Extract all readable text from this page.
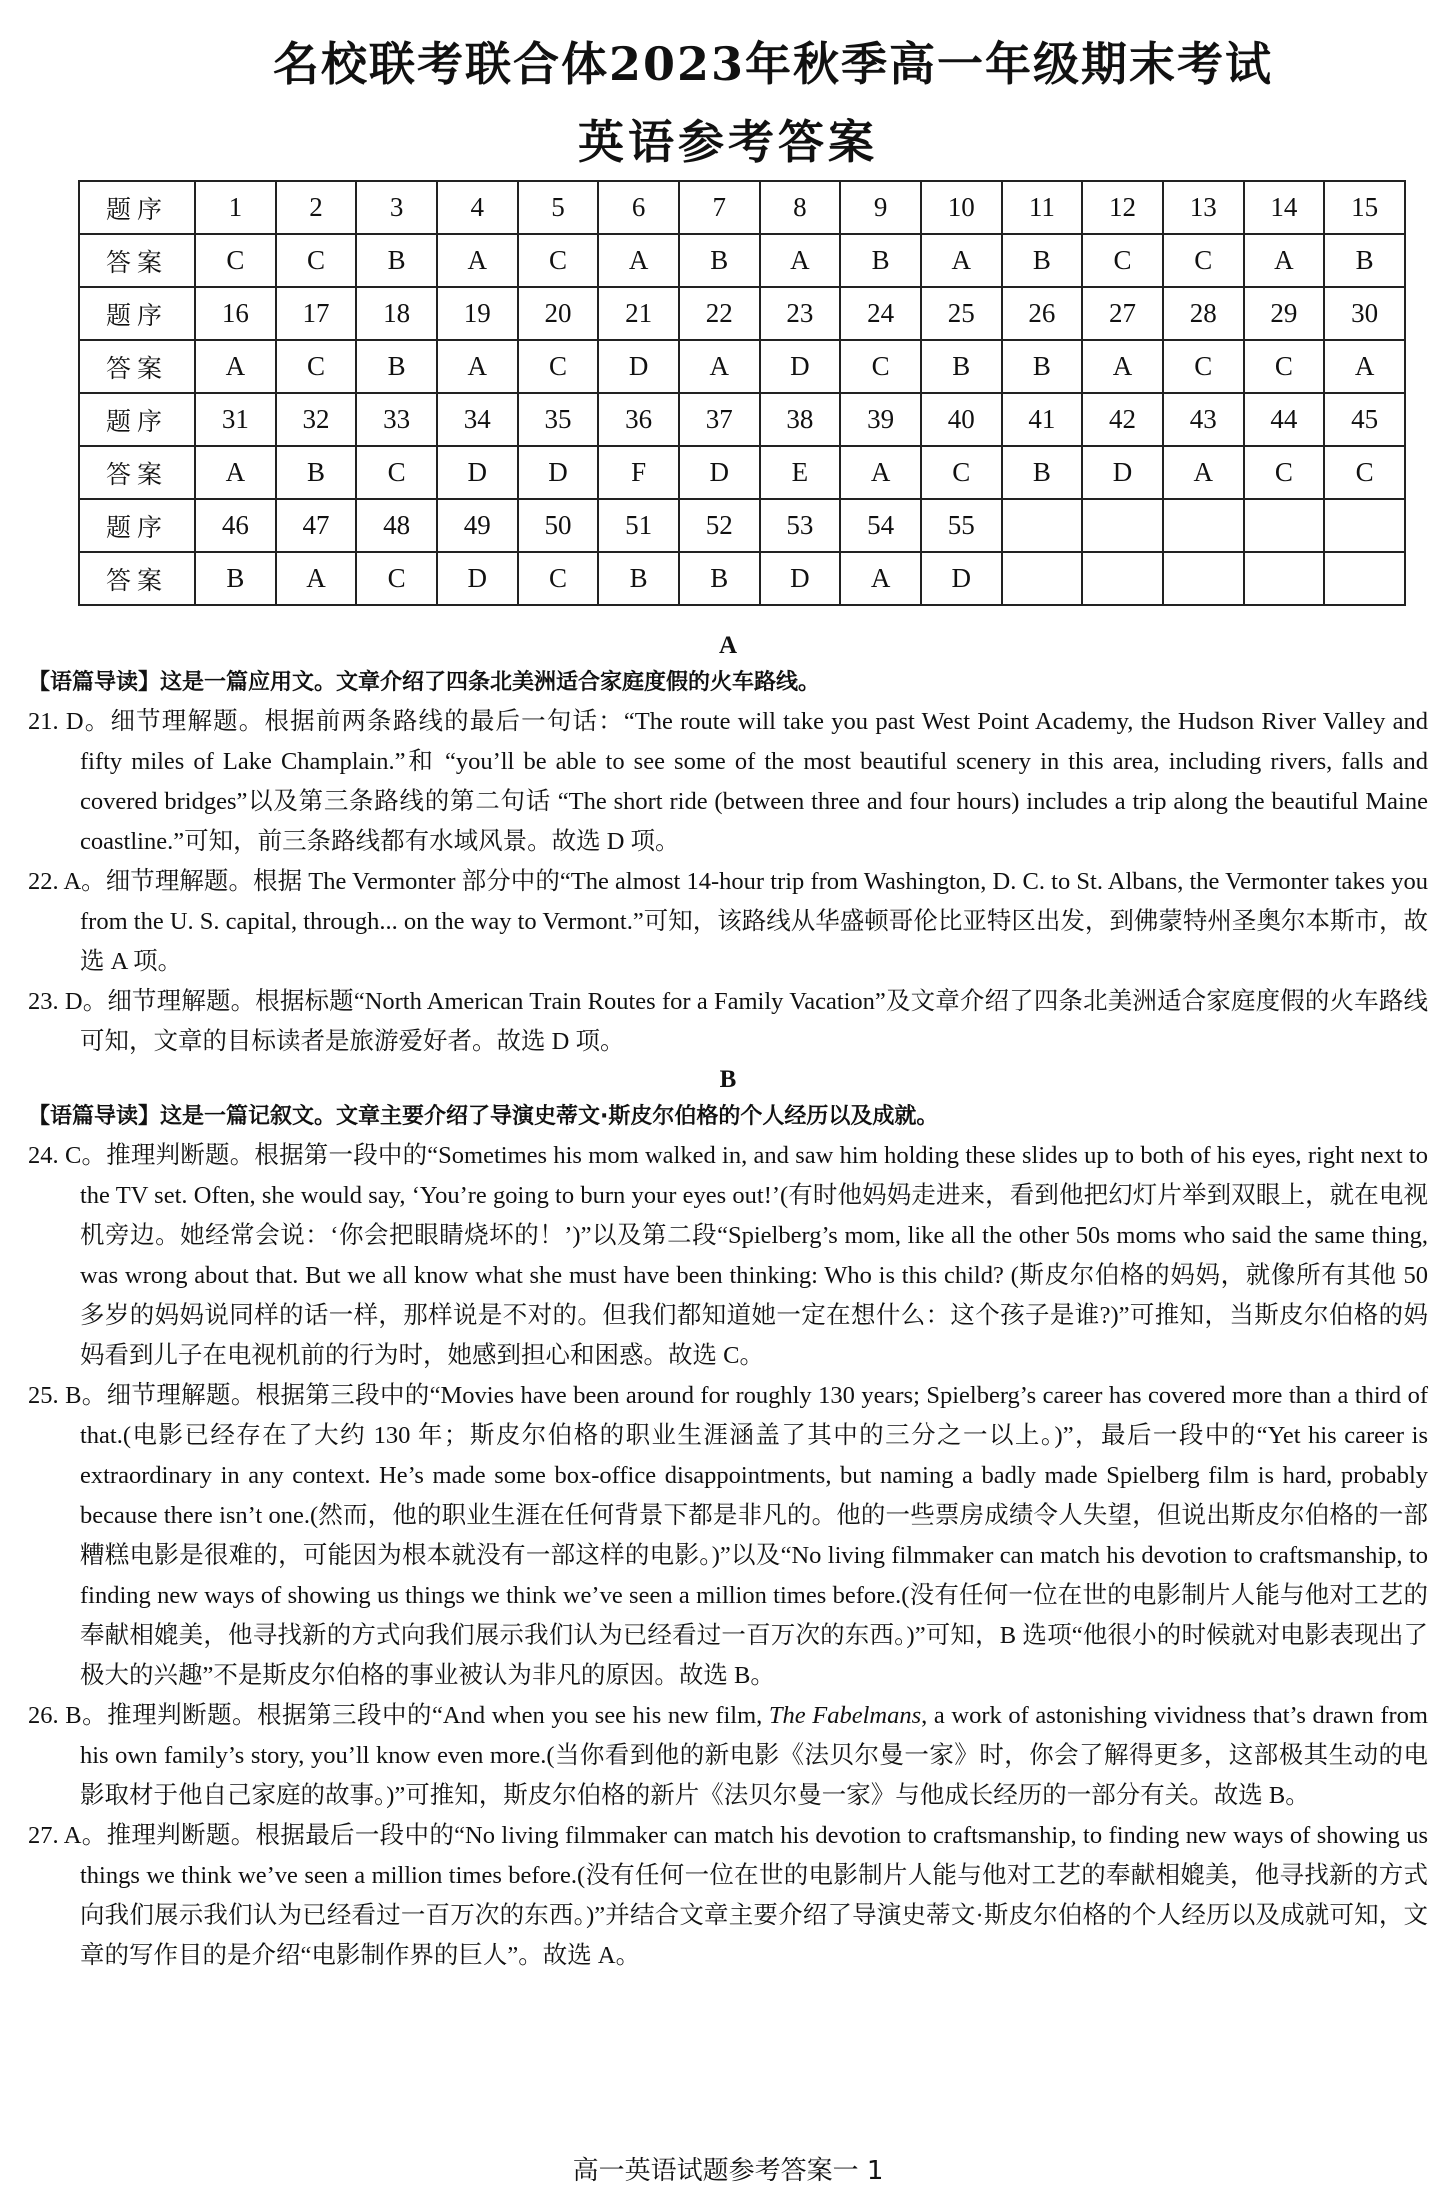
名校联考联合体2023年秋季高一年级期末考试
英语参考答案
题序	1	2	3	4	5	6	7	8	9	10	11	12	13	14	15
答案	C	C	B	A	C	A	B	A	B	A	B	C	C	A	B
题序	16	17	18	19	20	21	22	23	24	25	26	27	28	29	30
答案	A	C	B	A	C	D	A	D	C	B	B	A	C	C	A
题序	31	32	33	34	35	36	37	38	39	40	41	42	43	44	45
答案	A	B	C	D	D	F	D	E	A	C	B	D	A	C	C
题序	46	47	48	49	50	51	52	53	54	55					
答案	B	A	C	D	C	B	B	D	A	D					
A
【语篇导读】这是一篇应用文。文章介绍了四条北美洲适合家庭度假的火车路线。

21. D。细节理解题。根据前两条路线的最后一句话：“The route will take you past West Point Academy, the Hudson River Valley and fifty miles of Lake Champlain.”和 “you’ll be able to see some of the most beautiful scenery in this area, including rivers, falls and covered bridges”以及第三条路线的第二句话 “The short ride (between three and four hours) includes a trip along the beautiful Maine coastline.”可知，前三条路线都有水域风景。故选 D 项。

22. A。细节理解题。根据 The Vermonter 部分中的“The almost 14-hour trip from Washington, D. C. to St. Albans, the Vermonter takes you from the U. S. capital, through... on the way to Vermont.”可知，该路线从华盛顿哥伦比亚特区出发，到佛蒙特州圣奥尔本斯市，故选 A 项。

23. D。细节理解题。根据标题“North American Train Routes for a Family Vacation”及文章介绍了四条北美洲适合家庭度假的火车路线可知，文章的目标读者是旅游爱好者。故选 D 项。

B
【语篇导读】这是一篇记叙文。文章主要介绍了导演史蒂文·斯皮尔伯格的个人经历以及成就。

24. C。推理判断题。根据第一段中的“Sometimes his mom walked in, and saw him holding these slides up to both of his eyes, right next to the TV set. Often, she would say, ‘You’re going to burn your eyes out!’(有时他妈妈走进来，看到他把幻灯片举到双眼上，就在电视机旁边。她经常会说：‘你会把眼睛烧坏的！’)”以及第二段“Spielberg’s mom, like all the other 50s moms who said the same thing, was wrong about that. But we all know what she must have been thinking: Who is this child? (斯皮尔伯格的妈妈，就像所有其他 50 多岁的妈妈说同样的话一样，那样说是不对的。但我们都知道她一定在想什么：这个孩子是谁?)”可推知，当斯皮尔伯格的妈妈看到儿子在电视机前的行为时，她感到担心和困惑。故选 C。

25. B。细节理解题。根据第三段中的“Movies have been around for roughly 130 years; Spielberg’s career has covered more than a third of that.(电影已经存在了大约 130 年；斯皮尔伯格的职业生涯涵盖了其中的三分之一以上。)”，最后一段中的“Yet his career is extraordinary in any context. He’s made some box-office disappointments, but naming a badly made Spielberg film is hard, probably because there isn’t one.(然而，他的职业生涯在任何背景下都是非凡的。他的一些票房成绩令人失望，但说出斯皮尔伯格的一部糟糕电影是很难的，可能因为根本就没有一部这样的电影。)”以及“No living filmmaker can match his devotion to craftsmanship, to finding new ways of showing us things we think we’ve seen a million times before.(没有任何一位在世的电影制片人能与他对工艺的奉献相媲美，他寻找新的方式向我们展示我们认为已经看过一百万次的东西。)”可知，B 选项“他很小的时候就对电影表现出了极大的兴趣”不是斯皮尔伯格的事业被认为非凡的原因。故选 B。

26. B。推理判断题。根据第三段中的“And when you see his new film, The Fabelmans, a work of astonishing vividness that’s drawn from his own family’s story, you’ll know even more.(当你看到他的新电影《法贝尔曼一家》时，你会了解得更多，这部极其生动的电影取材于他自己家庭的故事。)”可推知，斯皮尔伯格的新片《法贝尔曼一家》与他成长经历的一部分有关。故选 B。

27. A。推理判断题。根据最后一段中的“No living filmmaker can match his devotion to craftsmanship, to finding new ways of showing us things we think we’ve seen a million times before.(没有任何一位在世的电影制片人能与他对工艺的奉献相媲美，他寻找新的方式向我们展示我们认为已经看过一百万次的东西。)”并结合文章主要介绍了导演史蒂文·斯皮尔伯格的个人经历以及成就可知，文章的写作目的是介绍“电影制作界的巨人”。故选 A。

高一英语试题参考答案一 1
